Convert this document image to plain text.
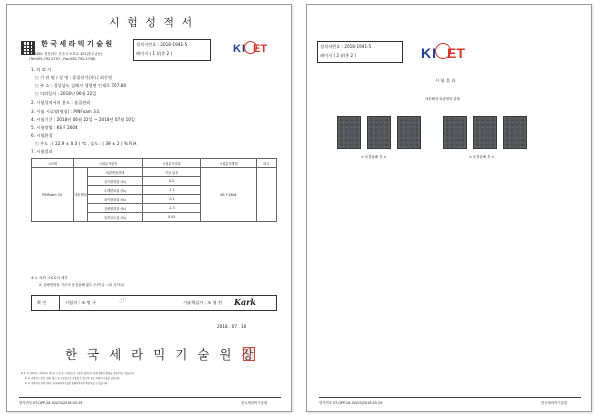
시 험 성 적 서
한 국 세 라 믹 기 술 원
우52851 경상남도 진주시 소호로 101(충무공동)
(Tel:055-792-2757 , Fax:055-792-2758)
성적서번호 : 2018-1941-5
페이지 ( 1 )/(총 2 )	KI ET
1. 의 뢰 자
○ 기 관 명 / 성 명 : 휴펄산기(주) / 최동원
○ 주 소 : 경상남도 김해시 생림면 인제로 707-80
○ 의뢰일자 : 2018년 06월 22일
2. 시험성적서의 용도 : 품질관리
3. 시험 시료명(명칭) : P/NFoam 3호
4. 시험기간 : 2018년 06월 22일 ~ 2018년 07월 10일
5. 시험방법 : KS F 2604
6. 시험환경
○ 온도 : ( 22.9 ± 0.3 ) ℃ , 습도 : ( 39 ± 2 ) % R.H.
7. 시험결과
시료명	시험분석항목		시험분석결과	시험분석방법	비고
P/NFoam 3호	내동해성	외관변형상태	이상 없음	KS F 2604	
		길이변화율 (%)	0.2		
		두께변화율 (%)	-1.1		
		폭이변화율 (%)	-0.1		
		질량변화율 (%)	-1.3		
		압축강도율 (%)	0.03		
※ 1. 의뢰 시료로서 세부
2. 길량변화율 기준의 동결융해 횟수 (사이클 : 12 사이클)
확 인	시험자 : 조 명 구	dh	기술책임자 : 조 형 현 Kark
2018 . 07 . 10
한 국 세 라 믹 기 술 원 장
※ 1. 이 성적서는 의뢰자가 제시한 시료 및 시료명으로 시험한 결과로서 전체 제품의 품질을 보증하지는 않습니다.
2. 이 성적서는 홍보, 선전, 광고 및 소송용으로 사용될 수 없으며, 용도 이외의 사용을 금합니다.
3. 이 성적서의 진위 여부는 한국세라믹기술원 홈페이지에서 확인하실 수 있습니다.
양식번호 KT-QPP-26-02(03)2018.05.29	한국세라믹기술원
성적서번호 : 2018-1941-5
페이지 ( 2 )/(총 2 )	KI ET
시 험 결 과
내동해성 외관변화 관찰
< 동결융해 전 >	< 동결융해 후 >
양식번호 KT-QPP-26-02(03)2018.05.29	한국세라믹기술원
